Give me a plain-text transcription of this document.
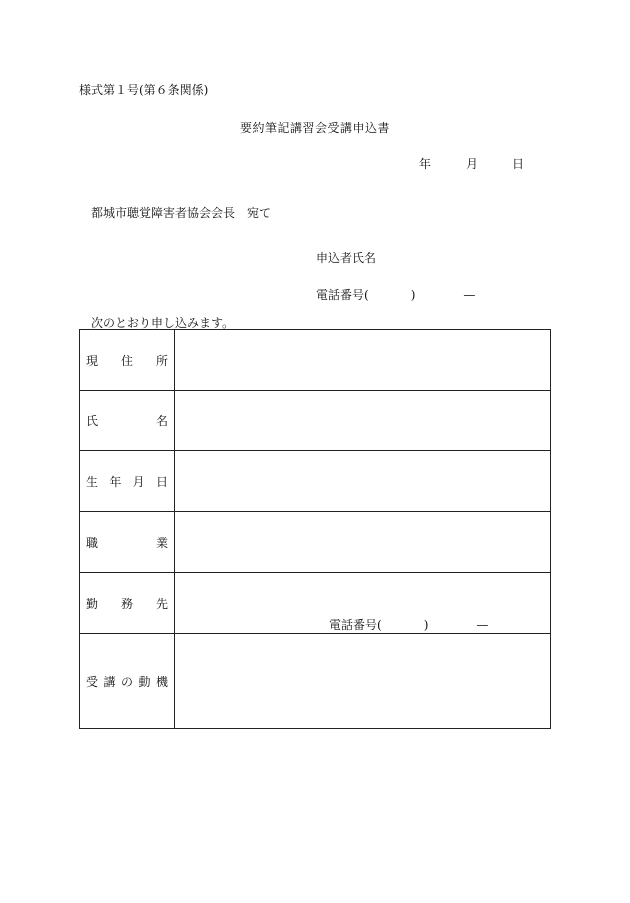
様式第１号(第６条関係)
要約筆記講習会受講申込書
年	月	日
都城市聴覚障害者協会会長　宛て
申込者氏名
電話番号(	)	—
次のとおり申し込みます。
現 住 所	

氏 名	

生 年 月 日	

職 業	

勤 務 先	電話番号( ) —

受 講 の 動 機	
